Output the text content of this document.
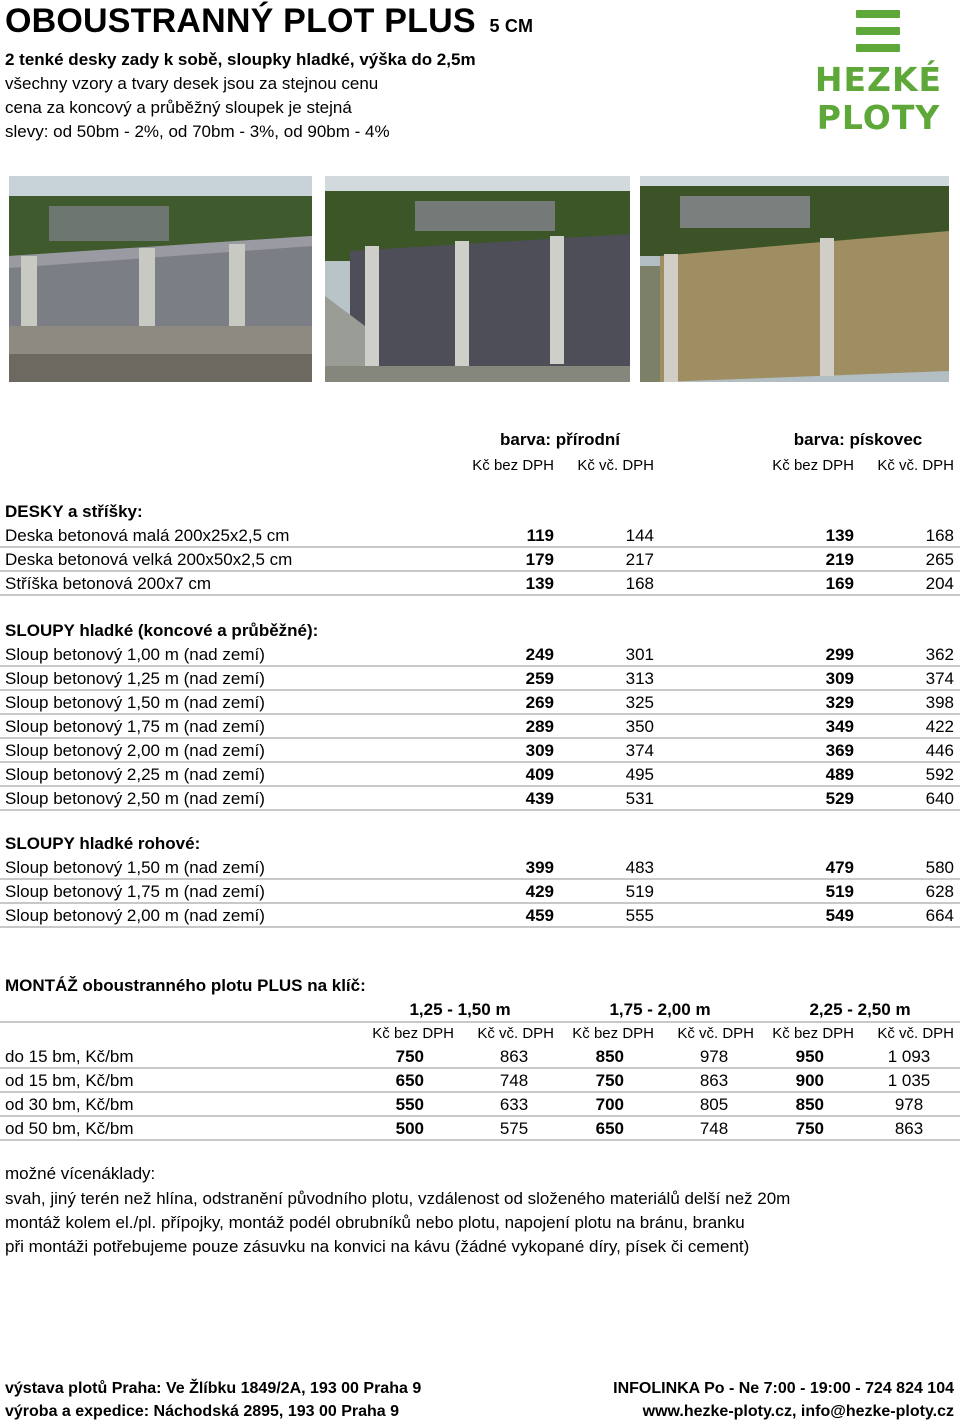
OBOUSTRANNÝ PLOT PLUS 5 CM
2 tenké desky zady k sobě, sloupky hladké, výška do 2,5m
všechny vzory a tvary desek jsou za stejnou cenu
cena za koncový a průběžný sloupek je stejná
slevy: od 50bm - 2%, od 70bm - 3%, od 90bm - 4%
HEZKÉ
PLOTY
barva: přírodní	barva: pískovec
Kč bez DPH	Kč vč. DPH	Kč bez DPH	Kč vč. DPH
DESKY a stříšky:
Deska betonová malá 200x25x2,5 cm	119	144	139	168
Deska betonová velká 200x50x2,5 cm	179	217	219	265
Stříška betonová 200x7 cm	139	168	169	204
SLOUPY hladké (koncové a průběžné):
Sloup betonový 1,00 m (nad zemí)	249	301	299	362
Sloup betonový 1,25 m (nad zemí)	259	313	309	374
Sloup betonový 1,50 m (nad zemí)	269	325	329	398
Sloup betonový 1,75 m (nad zemí)	289	350	349	422
Sloup betonový 2,00 m (nad zemí)	309	374	369	446
Sloup betonový 2,25 m (nad zemí)	409	495	489	592
Sloup betonový 2,50 m (nad zemí)	439	531	529	640
SLOUPY hladké rohové:
Sloup betonový 1,50 m (nad zemí)	399	483	479	580
Sloup betonový 1,75 m (nad zemí)	429	519	519	628
Sloup betonový 2,00 m (nad zemí)	459	555	549	664
MONTÁŽ oboustranného plotu PLUS na klíč:
1,25 - 1,50 m	1,75 - 2,00 m	2,25 - 2,50 m
Kč bez DPH Kč vč. DPH Kč bez DPH Kč vč. DPH Kč bez DPH Kč vč. DPH
do 15 bm, Kč/bm	750	863	850	978	950	1 093
od 15 bm, Kč/bm	650	748	750	863	900	1 035
od 30 bm, Kč/bm	550	633	700	805	850	978
od 50 bm, Kč/bm	500	575	650	748	750	863
možné vícenáklady:
svah, jiný terén než hlína, odstranění původního plotu, vzdálenost od složeného materiálů delší než 20m
montáž kolem el./pl. přípojky, montáž podél obrubníků nebo plotu, napojení plotu na bránu, branku
při montáži potřebujeme pouze zásuvku na konvici na kávu (žádné vykopané díry, písek či cement)
výstava plotů Praha: Ve Žlíbku 1849/2A, 193 00 Praha 9
výroba a expedice: Náchodská 2895, 193 00 Praha 9
INFOLINKA Po - Ne 7:00 - 19:00 - 724 824 104
www.hezke-ploty.cz, info@hezke-ploty.cz
